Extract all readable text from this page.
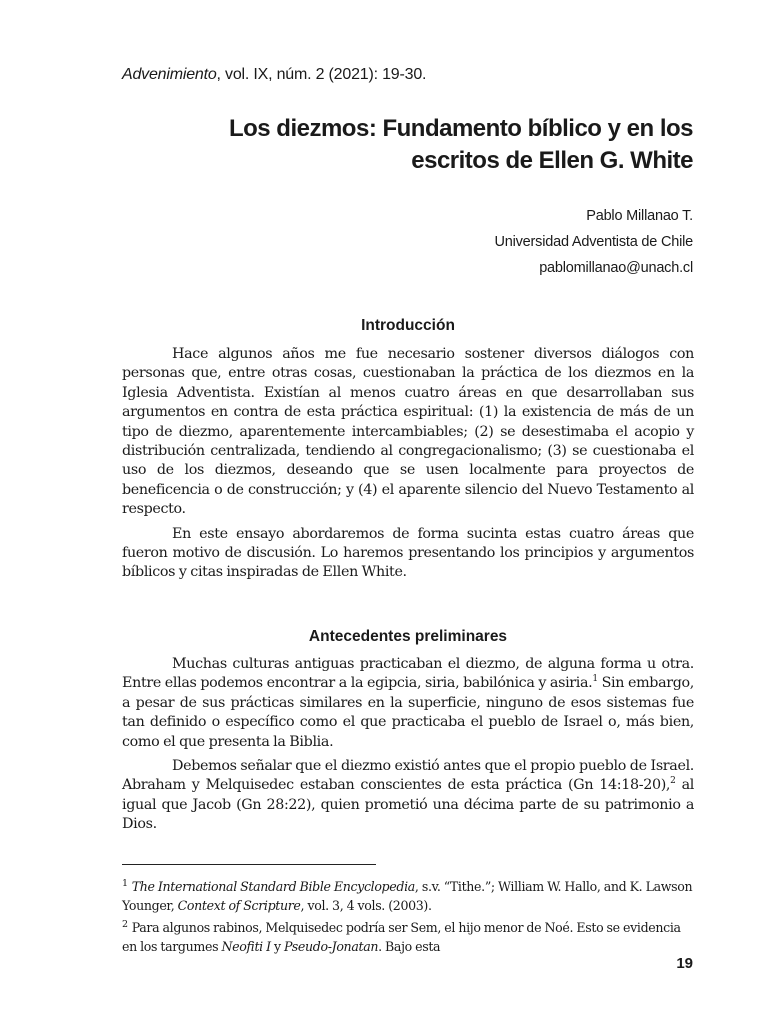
Advenimiento, vol. IX, núm. 2 (2021): 19-30.
Los diezmos: Fundamento bíblico y en los
escritos de Ellen G. White
Pablo Millanao T.
Universidad Adventista de Chile
pablomillanao@unach.cl
Introducción

Hace algunos años me fue necesario sostener diversos diálogos con personas que, entre otras cosas, cuestionaban la práctica de los diezmos en la Iglesia Adventista. Existían al menos cuatro áreas en que desarrollaban sus argumentos en contra de esta práctica espiritual: (1) la existencia de más de un tipo de diezmo, aparentemente intercambiables; (2) se desestimaba el acopio y distribución centralizada, tendiendo al congregacionalismo; (3) se cuestionaba el uso de los diezmos, deseando que se usen localmente para proyectos de beneficencia o de construcción; y (4) el aparente silencio del Nuevo Testamento al respecto.

En este ensayo abordaremos de forma sucinta estas cuatro áreas que fueron motivo de discusión. Lo haremos presentando los principios y argumentos bíblicos y citas inspiradas de Ellen White.

Antecedentes preliminares

Muchas culturas antiguas practicaban el diezmo, de alguna forma u otra. Entre ellas podemos encontrar a la egipcia, siria, babilónica y asiria.$^1$ Sin embargo, a pesar de sus prácticas similares en la superficie, ninguno de esos sistemas fue tan definido o específico como el que practicaba el pueblo de Israel o, más bien, como el que presenta la Biblia.

Debemos señalar que el diezmo existió antes que el propio pueblo de Israel. Abraham y Melquisedec estaban conscientes de esta práctica (Gn 14:18-20),$^2$ al igual que Jacob (Gn 28:22), quien prometió una décima parte de su patrimonio a Dios.

$^1$ The International Standard Bible Encyclopedia, s.v. “Tithe.”; William W. Hallo, and K. Lawson Younger, Context of Scripture, vol. 3, 4 vols. (2003).

$^2$ Para algunos rabinos, Melquisedec podría ser Sem, el hijo menor de Noé. Esto se evidencia en los targumes Neofiti I y Pseudo-Jonatan. Bajo esta

19
